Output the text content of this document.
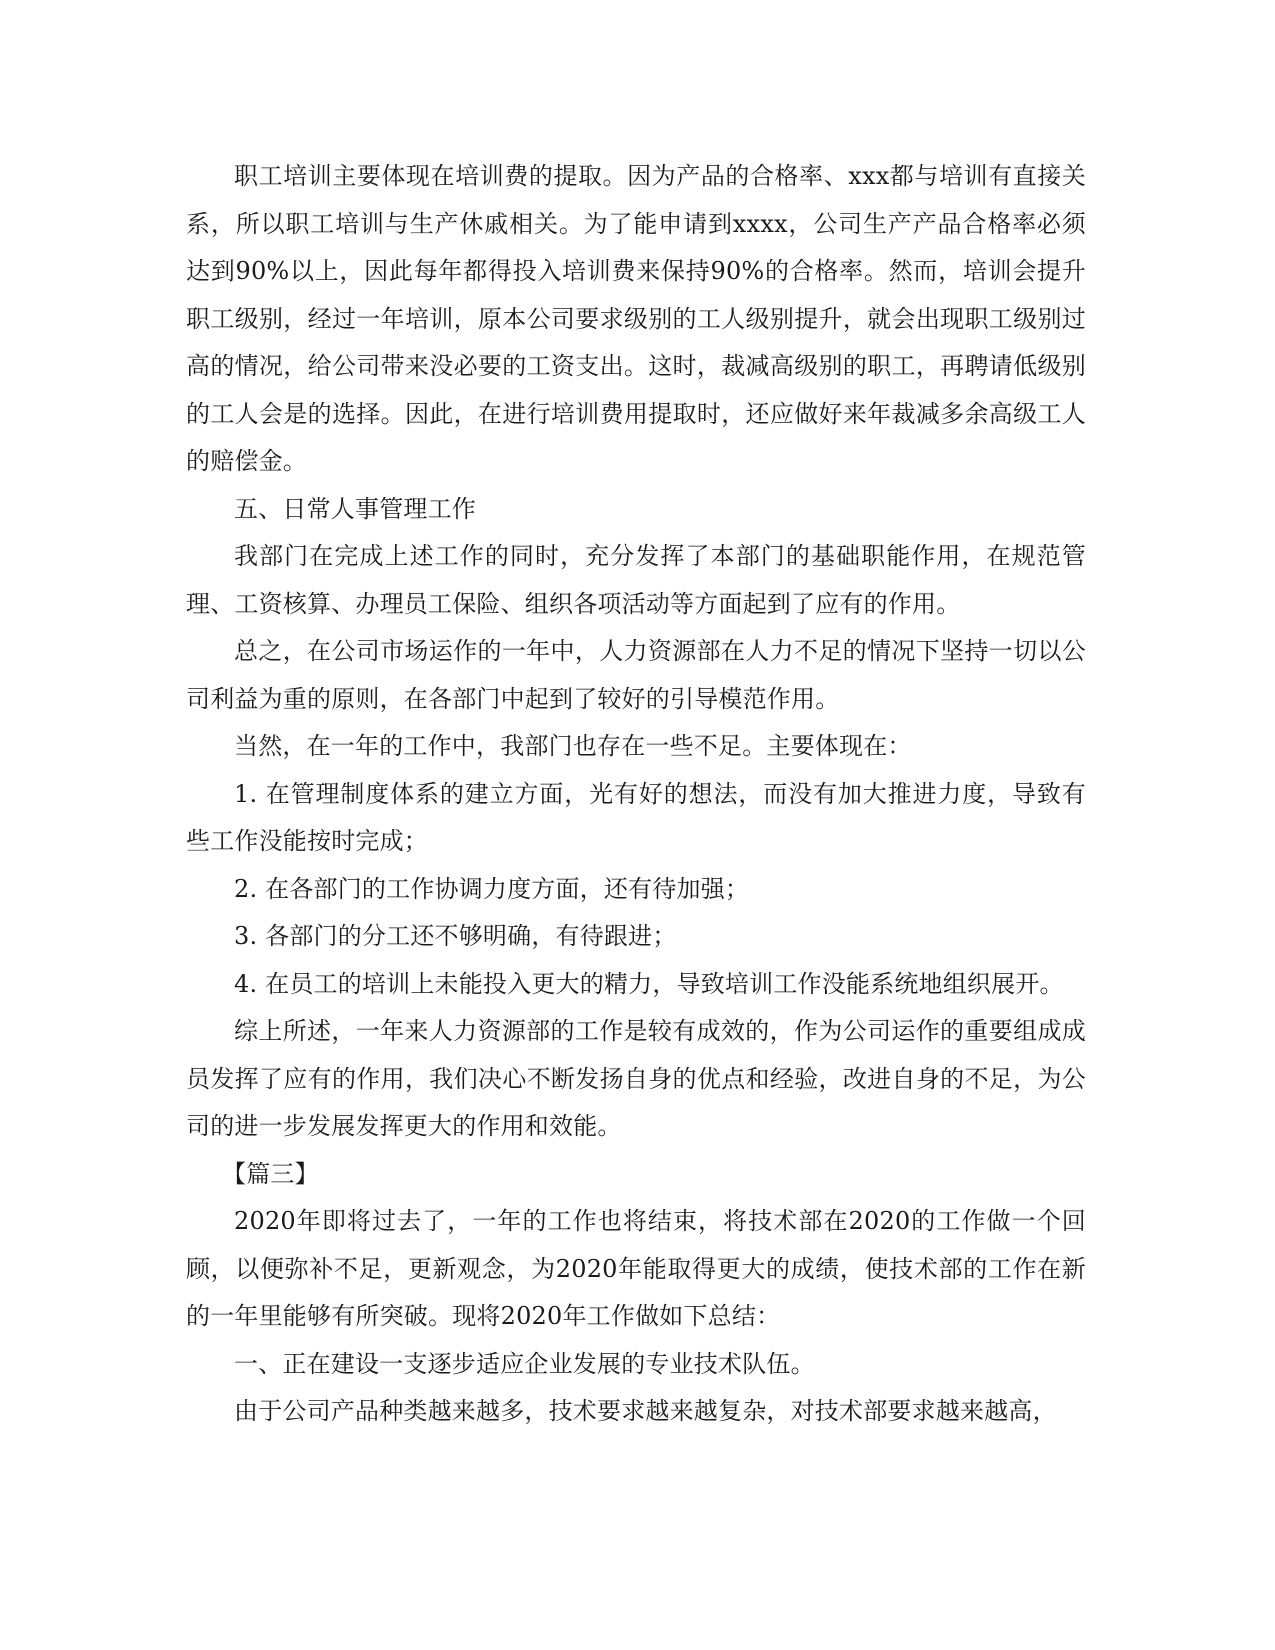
职工培训主要体现在培训费的提取。因为产品的合格率、xxx都与培训有直接关系，所以职工培训与生产休戚相关。为了能申请到xxxx，公司生产产品合格率必须达到90%以上，因此每年都得投入培训费来保持90%的合格率。然而，培训会提升职工级别，经过一年培训，原本公司要求级别的工人级别提升，就会出现职工级别过高的情况，给公司带来没必要的工资支出。这时，裁减高级别的职工，再聘请低级别的工人会是的选择。因此，在进行培训费用提取时，还应做好来年裁减多余高级工人的赔偿金。

五、日常人事管理工作

我部门在完成上述工作的同时，充分发挥了本部门的基础职能作用，在规范管理、工资核算、办理员工保险、组织各项活动等方面起到了应有的作用。

总之，在公司市场运作的一年中，人力资源部在人力不足的情况下坚持一切以公司利益为重的原则，在各部门中起到了较好的引导模范作用。

当然，在一年的工作中，我部门也存在一些不足。主要体现在：

1. 在管理制度体系的建立方面，光有好的想法，而没有加大推进力度，导致有些工作没能按时完成；

2. 在各部门的工作协调力度方面，还有待加强；

3. 各部门的分工还不够明确，有待跟进；

4. 在员工的培训上未能投入更大的精力，导致培训工作没能系统地组织展开。

综上所述，一年来人力资源部的工作是较有成效的，作为公司运作的重要组成成员发挥了应有的作用，我们决心不断发扬自身的优点和经验，改进自身的不足，为公司的进一步发展发挥更大的作用和效能。

【篇三】

2020年即将过去了，一年的工作也将结束，将技术部在2020的工作做一个回顾，以便弥补不足，更新观念，为2020年能取得更大的成绩，使技术部的工作在新的一年里能够有所突破。现将2020年工作做如下总结：

一、正在建设一支逐步适应企业发展的专业技术队伍。

由于公司产品种类越来越多，技术要求越来越复杂，对技术部要求越来越高，
